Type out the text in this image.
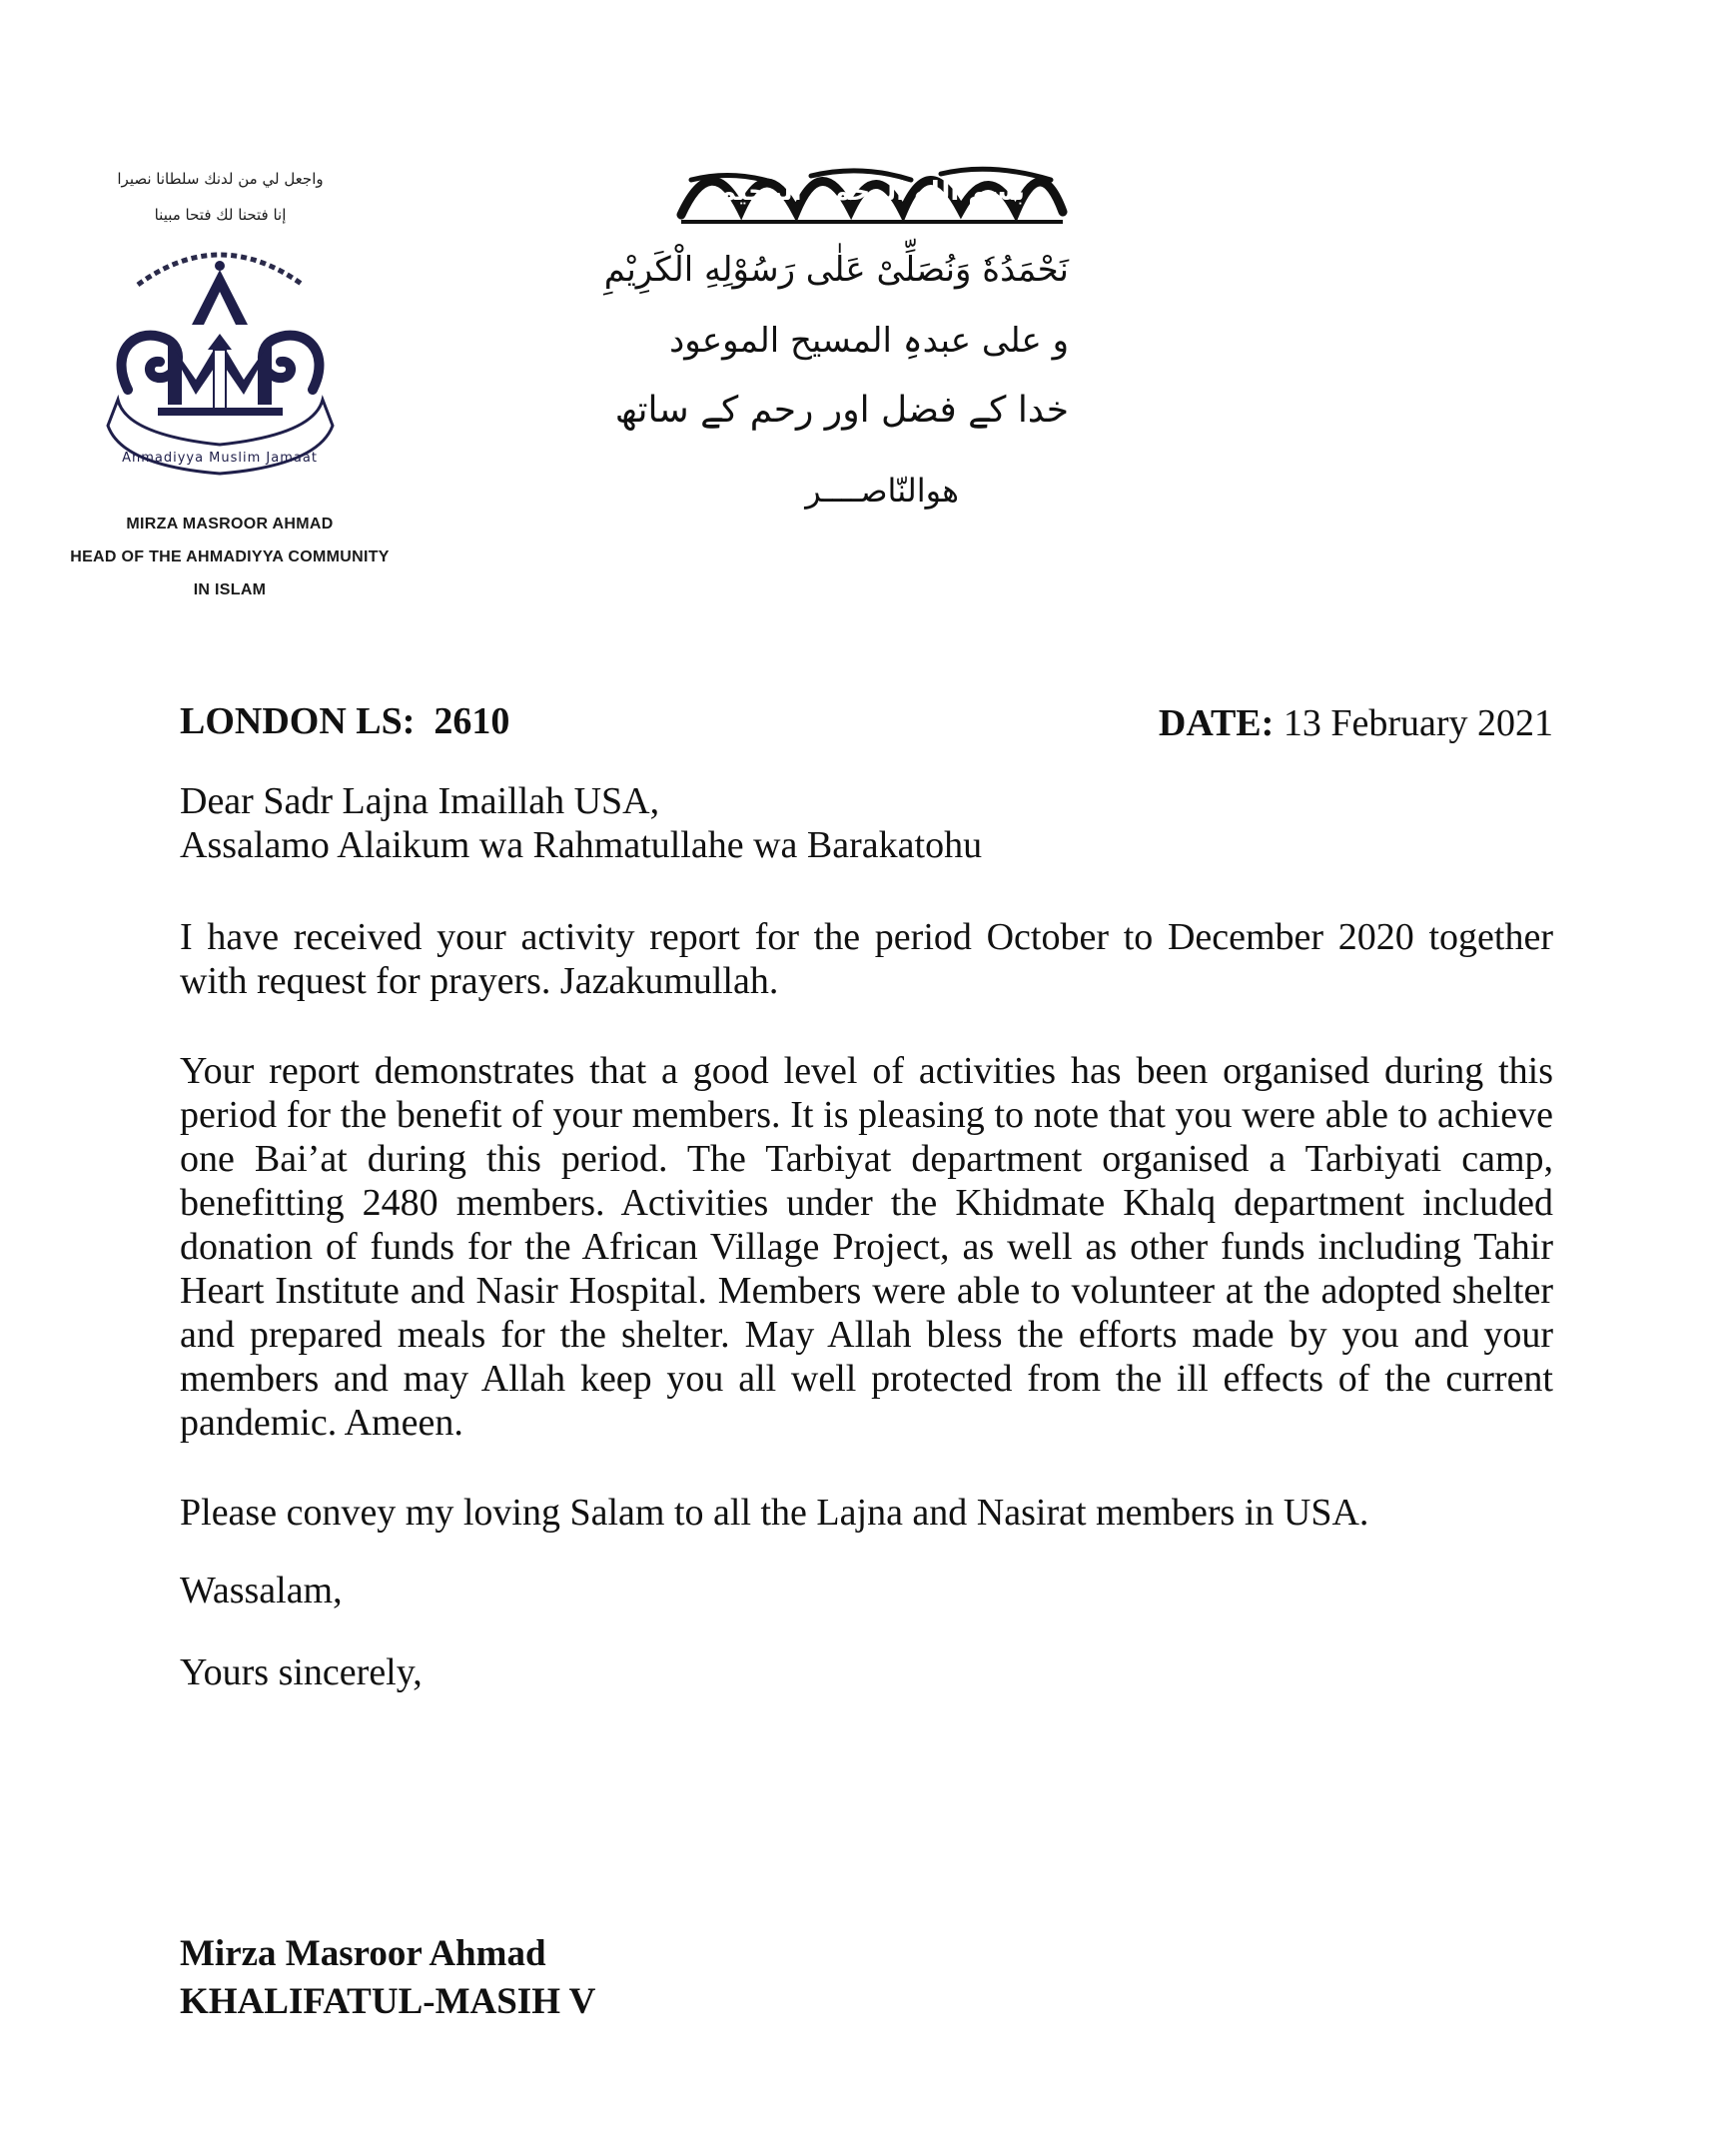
واجعل لي من لدنك سلطانا نصيرا
إنا فتحنا لك فتحا مبينا
Ahmadiyya Muslim Jamaat
MIRZA MASROOR AHMAD
HEAD OF THE AHMADIYYA COMMUNITY
IN ISLAM
بسم الله الرحمن الرحيم
نَحْمَدُهٗ وَنُصَلِّیْ عَلٰی رَسُوْلِهِ الْکَرِیْمِ
و علی عبدہِ المسیح الموعود
خدا کے فضل اور رحم کے ساتھ
ھوالنّاصــــر
LONDON LS: 2610	DATE: 13 February 2021

Dear Sadr Lajna Imaillah USA,
Assalamo Alaikum wa Rahmatullahe wa Barakatohu

I have received your activity report for the period October to December 2020 together with request for prayers. Jazakumullah.

Your report demonstrates that a good level of activities has been organised during this period for the benefit of your members. It is pleasing to note that you were able to achieve one Bai’at during this period. The Tarbiyat department organised a Tarbiyati camp, benefitting 2480 members. Activities under the Khidmate Khalq department included donation of funds for the African Village Project, as well as other funds including Tahir Heart Institute and Nasir Hospital. Members were able to volunteer at the adopted shelter and prepared meals for the shelter. May Allah bless the efforts made by you and your members and may Allah keep you all well protected from the ill effects of the current pandemic. Ameen.

Please convey my loving Salam to all the Lajna and Nasirat members in USA.

Wassalam,

Yours sincerely,

Mirza Masroor Ahmad
KHALIFATUL-MASIH V
